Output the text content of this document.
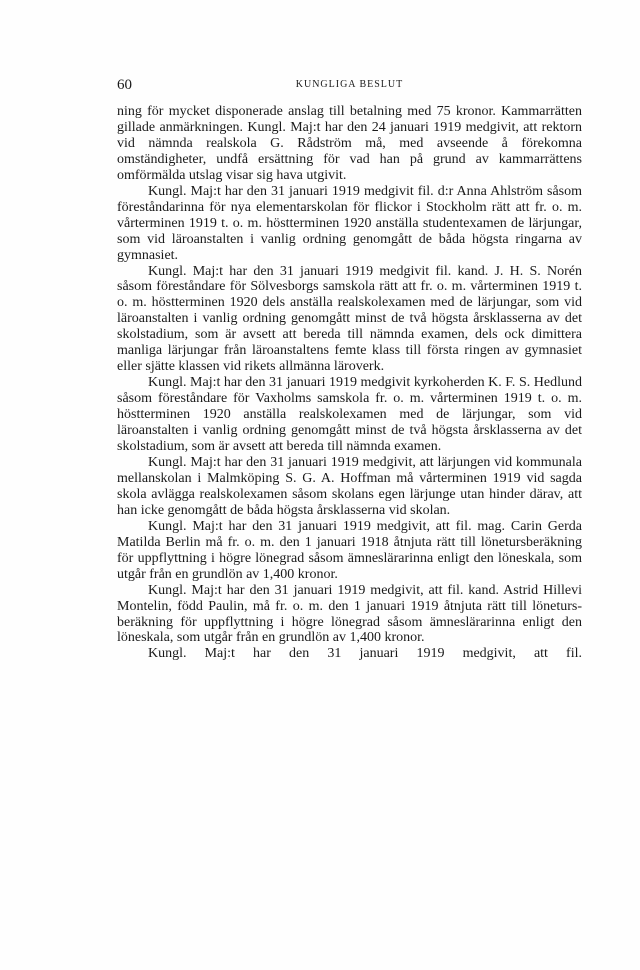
60	KUNGLIGA BESLUT

ning för mycket disponerade anslag till betalning med 75 kronor. Kammarrätten gillade anmärkningen. Kungl. Maj:t har den 24 januari 1919 medgivit, att rektorn vid nämnda realskola G. Rådström må, med avseende å förekomna omständigheter, undfå ersättning för vad han på grund av kammarrättens omförmälda utslag visar sig hava utgivit.

Kungl. Maj:t har den 31 januari 1919 medgivit fil. d:r Anna Ahlström såsom föreståndarinna för nya elementarskolan för flickor i Stockholm rätt att fr. o. m. vårterminen 1919 t. o. m. höstterminen 1920 anställa studentexamen de lärjungar, som vid läroanstalten i vanlig ordning genomgått de båda högsta ringarna av gymnasiet.

Kungl. Maj:t har den 31 januari 1919 medgivit fil. kand. J. H. S. Norén såsom föreståndare för Sölvesborgs samskola rätt att fr. o. m. vårterminen 1919 t. o. m. höstterminen 1920 dels anställa realskolexamen med de lärjungar, som vid läroanstalten i vanlig ordning genomgått minst de två högsta årsklasserna av det skolstadium, som är avsett att bereda till nämnda examen, dels ock dimittera manliga lärjungar från läroanstaltens femte klass till första ringen av gymnasiet eller sjätte klassen vid rikets allmänna läroverk.

Kungl. Maj:t har den 31 januari 1919 medgivit kyrkoherden K. F. S. Hedlund såsom föreståndare för Vaxholms samskola fr. o. m. vårterminen 1919 t. o. m. höstterminen 1920 anställa realskolexamen med de lärjungar, som vid läroanstalten i vanlig ordning genomgått minst de två högsta årsklasserna av det skolstadium, som är avsett att bereda till nämnda examen.

Kungl. Maj:t har den 31 januari 1919 medgivit, att lärjungen vid kommunala mellanskolan i Malmköping S. G. A. Hoffman må vårterminen 1919 vid sagda skola avlägga realskolexamen såsom skolans egen lärjunge utan hinder därav, att han icke genomgått de båda högsta årsklasserna vid skolan.

Kungl. Maj:t har den 31 januari 1919 medgivit, att fil. mag. Carin Gerda Matilda Berlin må fr. o. m. den 1 januari 1918 åtnjuta rätt till lönetursberäkning för uppflyttning i högre lönegrad såsom ämneslärarinna enligt den löneskala, som utgår från en grundlön av 1,400 kronor.

Kungl. Maj:t har den 31 januari 1919 medgivit, att fil. kand. Astrid Hillevi Montelin, född Paulin, må fr. o. m. den 1 januari 1919 åtnjuta rätt till lönetursberäkning för uppflyttning i högre lönegrad såsom ämneslärarinna enligt den löneskala, som utgår från en grundlön av 1,400 kronor.

Kungl. Maj:t har den 31 januari 1919 medgivit, att fil.
